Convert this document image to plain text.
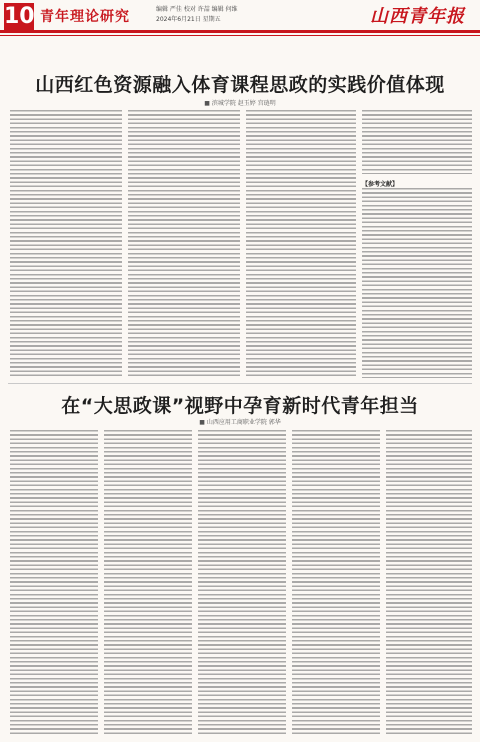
10 青年理论研究	编辑 严佳 校对 许喆 编辑 何维
2024年6月21日 星期五	山西青年报
山西红色资源融入体育课程思政的实践价值体现
■ 滨城学院 赵玉婷 宫琏明
【参考文献】
在“大思政课”视野中孕育新时代青年担当
■ 山西应用工商职业学院 郭华
